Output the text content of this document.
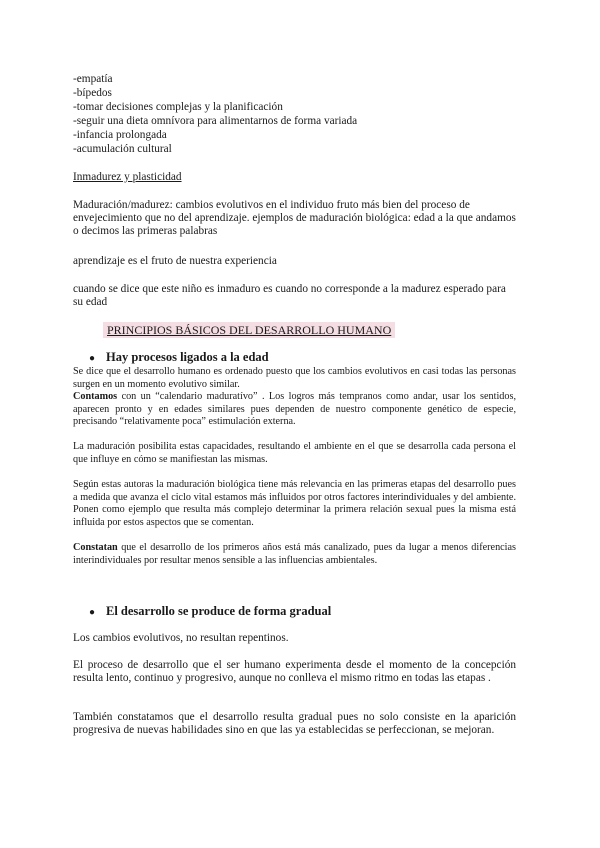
-empatía
-bípedos
-tomar decisiones complejas y la planificación
-seguir una dieta omnívora para alimentarnos de forma variada
-infancia prolongada
-acumulación cultural
Inmadurez y plasticidad
Maduración/madurez: cambios evolutivos en el individuo fruto más bien del proceso de envejecimiento que no del aprendizaje. ejemplos de maduración biológica: edad a la que andamos o decimos las primeras palabras
aprendizaje es el fruto de nuestra experiencia
cuando se dice que este niño es inmaduro es cuando no corresponde a la madurez esperado para su edad
PRINCIPIOS BÁSICOS DEL DESARROLLO HUMANO
● Hay procesos ligados a la edad
Se dice que el desarrollo humano es ordenado puesto que los cambios evolutivos en casi todas las personas surgen en un momento evolutivo similar.
Contamos con un “calendario maduratívo” . Los logros más tempranos como andar, usar los sentidos, aparecen pronto y en edades similares pues dependen de nuestro componente genético de especie, precisando “relativamente poca” estimulación externa.
La maduración posibilita estas capacidades, resultando el ambiente en el que se desarrolla cada persona el que influye en cómo se manifiestan las mismas.
Según estas autoras la maduración biológica tiene más relevancia en las primeras etapas del desarrollo pues a medida que avanza el ciclo vital estamos más influidos por otros factores interindividuales y del ambiente. Ponen como ejemplo que resulta más complejo determinar la primera relación sexual pues la misma está influida por estos aspectos que se comentan.
Constatan que el desarrollo de los primeros años está más canalizado, pues da lugar a menos diferencias interindividuales por resultar menos sensible a las influencias ambientales.
● El desarrollo se produce de forma gradual
Los cambios evolutivos, no resultan repentinos.
El proceso de desarrollo que el ser humano experimenta desde el momento de la concepción resulta lento, continuo y progresivo, aunque no conlleva el mismo ritmo en todas las etapas .
También constatamos que el desarrollo resulta gradual pues no solo consiste en la aparición progresiva de nuevas habilidades sino en que las ya establecidas se perfeccionan, se mejoran.
